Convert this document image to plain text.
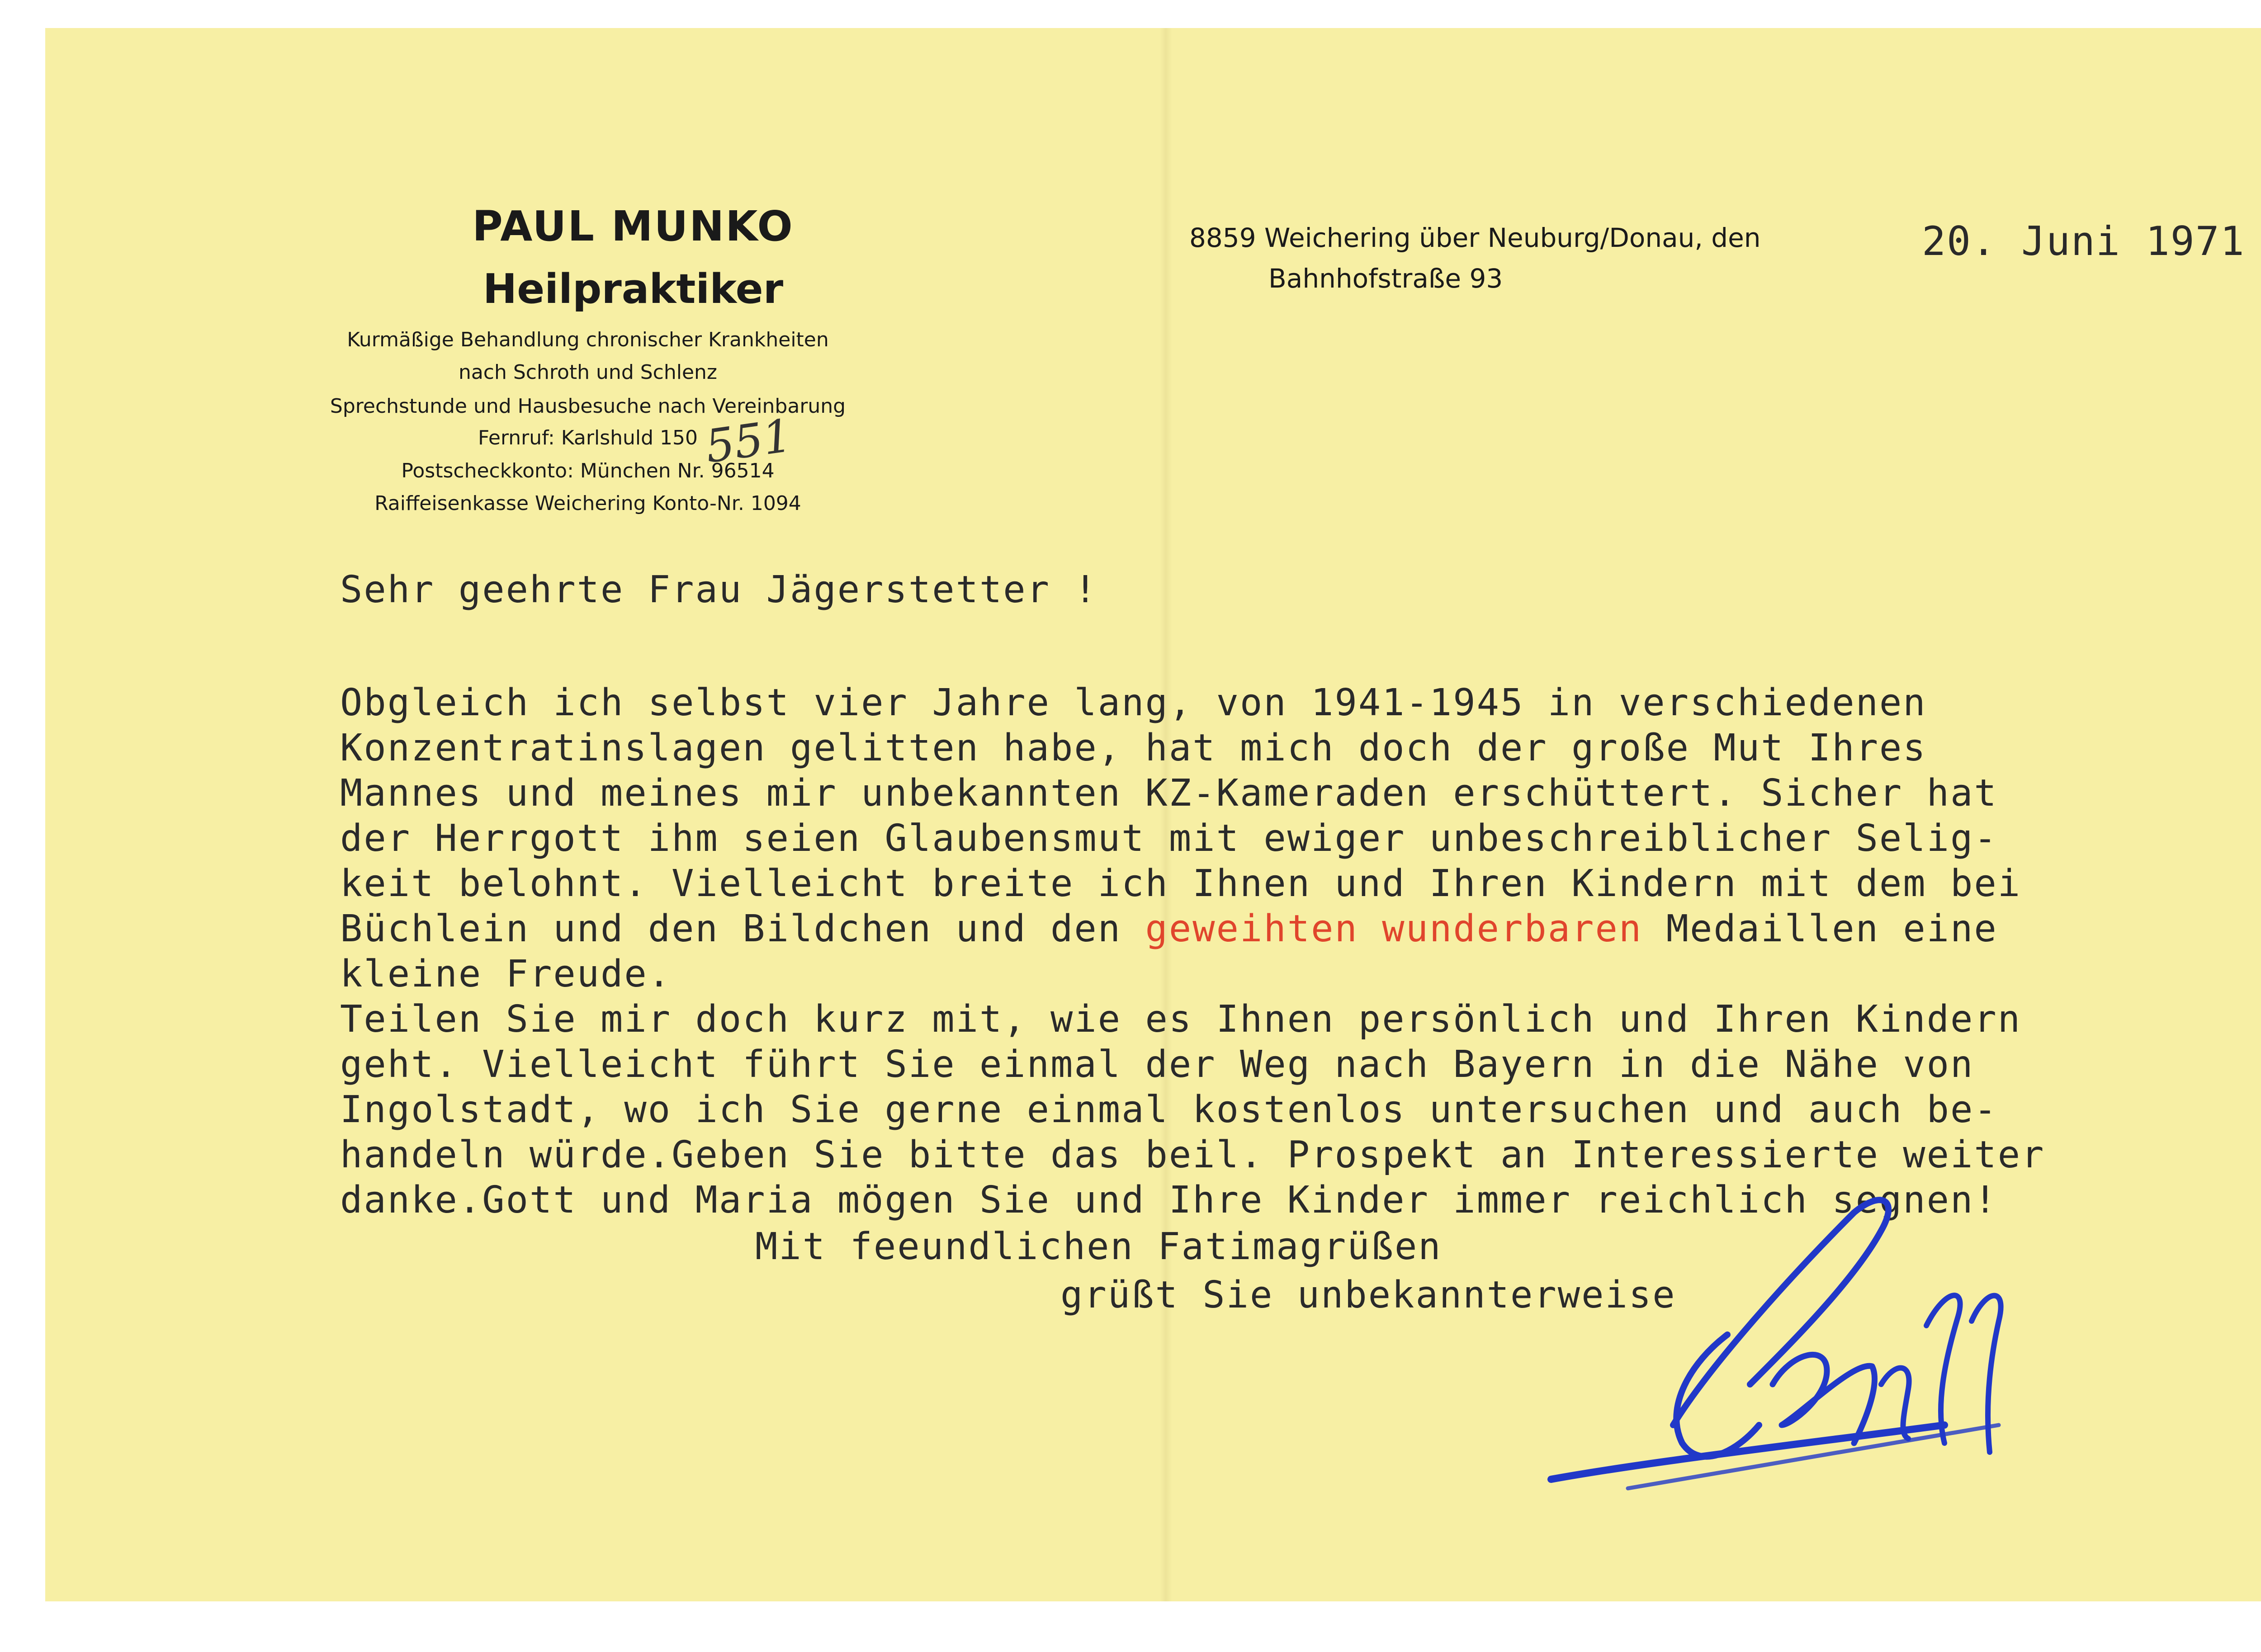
PAUL MUNKO
Heilpraktiker
Kurmäßige Behandlung chronischer Krankheiten
nach Schroth und Schlenz
Sprechstunde und Hausbesuche nach Vereinbarung
Fernruf: Karlshuld 150
Postscheckkonto: München Nr. 96514
Raiffeisenkasse Weichering Konto-Nr. 1094
551
8859 Weichering über Neuburg/Donau, den
Bahnhofstraße 93
20. Juni 1971
Sehr geehrte Frau Jägerstetter !
Obgleich ich selbst vier Jahre lang, von 1941-1945 in verschiedenen
Konzentratinslagen gelitten habe, hat mich doch der große Mut Ihres
Mannes und meines mir unbekannten KZ-Kameraden erschüttert. Sicher hat
der Herrgott ihm seien Glaubensmut mit ewiger unbeschreiblicher Selig-
keit belohnt. Vielleicht breite ich Ihnen und Ihren Kindern mit dem bei
Büchlein und den Bildchen und den geweihten wunderbaren Medaillen eine
kleine Freude.
Teilen Sie mir doch kurz mit, wie es Ihnen persönlich und Ihren Kindern
geht. Vielleicht führt Sie einmal der Weg nach Bayern in die Nähe von
Ingolstadt, wo ich Sie gerne einmal kostenlos untersuchen und auch be-
handeln würde.Geben Sie bitte das beil. Prospekt an Interessierte weiter
danke.Gott und Maria mögen Sie und Ihre Kinder immer reichlich segnen!
Mit feeundlichen Fatimagrüßen
grüßt Sie unbekannterweise
